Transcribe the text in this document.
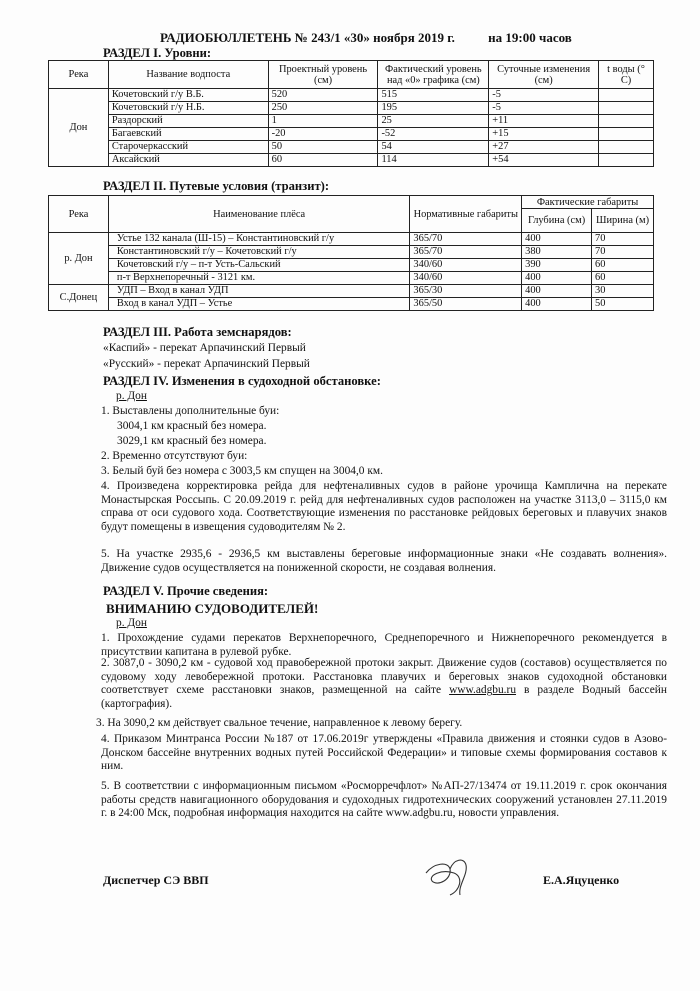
РАДИОБЮЛЛЕТЕНЬ № 243/1 «30» ноября 2019 г.	на 19:00 часов
РАЗДЕЛ I. Уровни:
Река	Название водпоста	Проектный уровень (см)	Фактический уровень над «0» графика (см)	Суточные изменения (см)	t воды (° С)
Дон	Кочетовский г/у В.Б.	520	515	-5	
	Кочетовский г/у Н.Б.	250	195	-5	
	Раздорский	1	25	+11	
	Багаевский	-20	-52	+15	
	Старочеркасский	50	54	+27	
	Аксайский	60	114	+54	
РАЗДЕЛ II. Путевые условия (транзит):
Река	Наименование плёса	Нормативные габариты	Фактические габариты	
			Глубина (см)	Ширина (м)
р. Дон	Устье 132 канала (Ш-15) – Константиновский г/у	365/70	400	70
	Константиновский г/у – Кочетовский г/у	365/70	380	70
	Кочетовский г/у – п-т Усть-Сальский	340/60	390	60
	п-т Верхнепоречный - 3121 км.	340/60	400	60
С.Донец	УДП – Вход в канал УДП	365/30	400	30
	Вход в канал УДП – Устье	365/50	400	50
РАЗДЕЛ III. Работа земснарядов:
«Каспий» - перекат Арпачинский Первый
«Русский» - перекат Арпачинский Первый
РАЗДЕЛ IV. Изменения в судоходной обстановке:
р. Дон
1. Выставлены дополнительные буи:
3004,1 км красный без номера.
3029,1 км красный без номера.
2. Временно отсутствуют буи:
3. Белый буй без номера с 3003,5 км спущен на 3004,0 км.
4. Произведена корректировка рейда для нефтеналивных судов в районе урочища Камплична на перекате Монастырская Россыпь. С 20.09.2019 г. рейд для нефтеналивных судов расположен на участке 3113,0 – 3115,0 км справа от оси судового хода. Соответствующие изменения по расстановке рейдовых береговых и плавучих знаков будут помещены в извещения судоводителям № 2.
5. На участке 2935,6 - 2936,5 км выставлены береговые информационные знаки «Не создавать волнения». Движение судов осуществляется на пониженной скорости, не создавая волнения.
РАЗДЕЛ V. Прочие сведения:
ВНИМАНИЮ СУДОВОДИТЕЛЕЙ!
р. Дон
1. Прохождение судами перекатов Верхнепоречного, Среднепоречного и Нижнепоречного рекомендуется в присутствии капитана в рулевой рубке.
2. 3087,0 - 3090,2 км - судовой ход правобережной протоки закрыт. Движение судов (составов) осуществляется по судовому ходу левобережной протоки. Расстановка плавучих и береговых знаков судоходной обстановки соответствует схеме расстановки знаков, размещенной на сайте www.adgbu.ru в разделе Водный бассейн (картография).
3. На 3090,2 км действует свальное течение, направленное к левому берегу.
4. Приказом Минтранса России №187 от 17.06.2019г утверждены «Правила движения и стоянки судов в Азово-Донском бассейне внутренних водных путей Российской Федерации» и типовые схемы формирования составов к ним.
5. В соответствии с информационным письмом «Росморречфлот» №АП-27/13474 от 19.11.2019 г. срок окончания работы средств навигационного оборудования и судоходных гидротехнических сооружений установлен 27.11.2019 г. в 24:00 Мск, подробная информация находится на сайте www.adgbu.ru, новости управления.
Диспетчер СЭ ВВП	Е.А.Яцуценко
